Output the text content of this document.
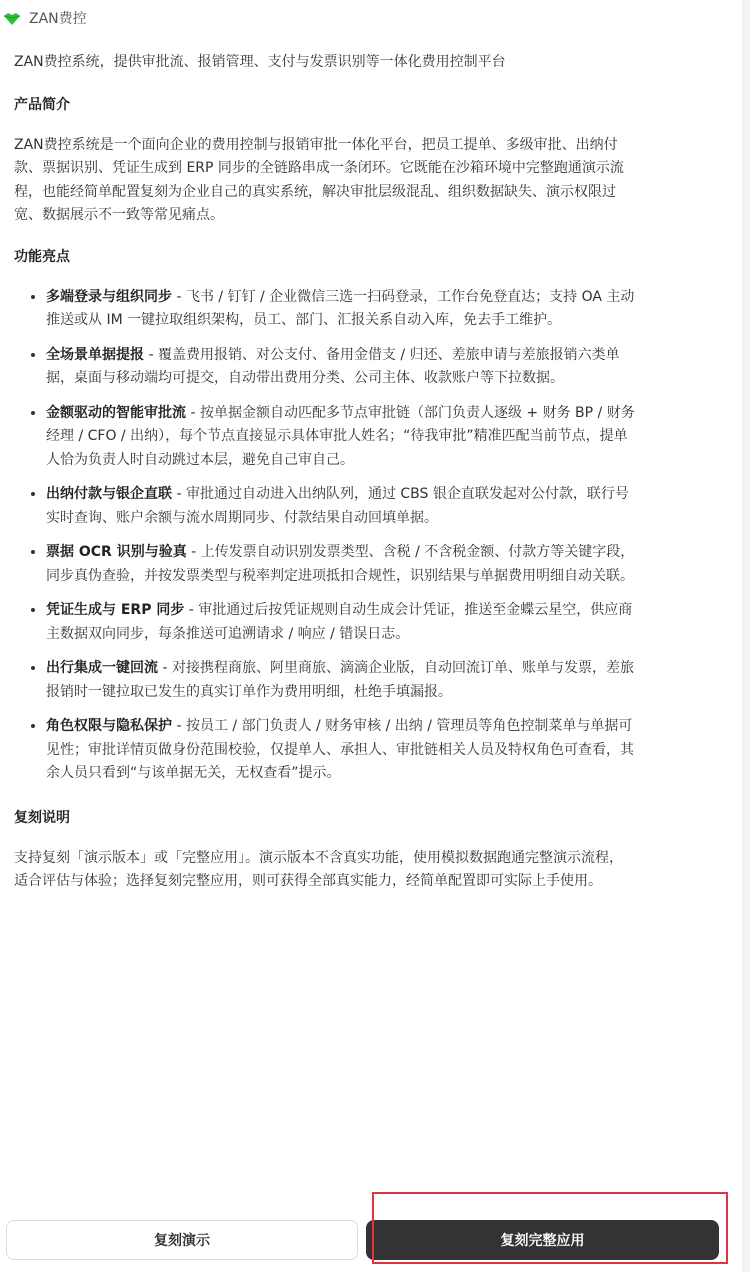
ZAN费控

ZAN费控系统，提供审批流、报销管理、支付与发票识别等一体化费用控制平台

产品简介

ZAN费控系统是一个面向企业的费用控制与报销审批一体化平台，把员工提单、多级审批、出纳付款、票据识别、凭证生成到 ERP 同步的全链路串成一条闭环。它既能在沙箱环境中完整跑通演示流程，也能经简单配置复刻为企业自己的真实系统，解决审批层级混乱、组织数据缺失、演示权限过宽、数据展示不一致等常见痛点。

功能亮点
• 多端登录与组织同步 - 飞书 / 钉钉 / 企业微信三选一扫码登录，工作台免登直达；支持 OA 主动推送或从 IM 一键拉取组织架构，员工、部门、汇报关系自动入库，免去手工维护。
• 全场景单据提报 - 覆盖费用报销、对公支付、备用金借支 / 归还、差旅申请与差旅报销六类单据，桌面与移动端均可提交，自动带出费用分类、公司主体、收款账户等下拉数据。
• 金额驱动的智能审批流 - 按单据金额自动匹配多节点审批链（部门负责人逐级 + 财务 BP / 财务经理 / CFO / 出纳），每个节点直接显示具体审批人姓名；“待我审批”精准匹配当前节点，提单人恰为负责人时自动跳过本层，避免自己审自己。
• 出纳付款与银企直联 - 审批通过自动进入出纳队列，通过 CBS 银企直联发起对公付款，联行号实时查询、账户余额与流水周期同步、付款结果自动回填单据。
• 票据 OCR 识别与验真 - 上传发票自动识别发票类型、含税 / 不含税金额、付款方等关键字段，同步真伪查验，并按发票类型与税率判定进项抵扣合规性，识别结果与单据费用明细自动关联。
• 凭证生成与 ERP 同步 - 审批通过后按凭证规则自动生成会计凭证，推送至金蝶云星空，供应商主数据双向同步，每条推送可追溯请求 / 响应 / 错误日志。
• 出行集成一键回流 - 对接携程商旅、阿里商旅、滴滴企业版，自动回流订单、账单与发票，差旅报销时一键拉取已发生的真实订单作为费用明细，杜绝手填漏报。
• 角色权限与隐私保护 - 按员工 / 部门负责人 / 财务审核 / 出纳 / 管理员等角色控制菜单与单据可见性；审批详情页做身份范围校验，仅提单人、承担人、审批链相关人员及特权角色可查看，其余人员只看到“与该单据无关，无权查看”提示。
复刻说明

支持复刻「演示版本」或「完整应用」。演示版本不含真实功能，使用模拟数据跑通完整演示流程，适合评估与体验；选择复刻完整应用，则可获得全部真实能力，经简单配置即可实际上手使用。

复刻演示	复刻完整应用
